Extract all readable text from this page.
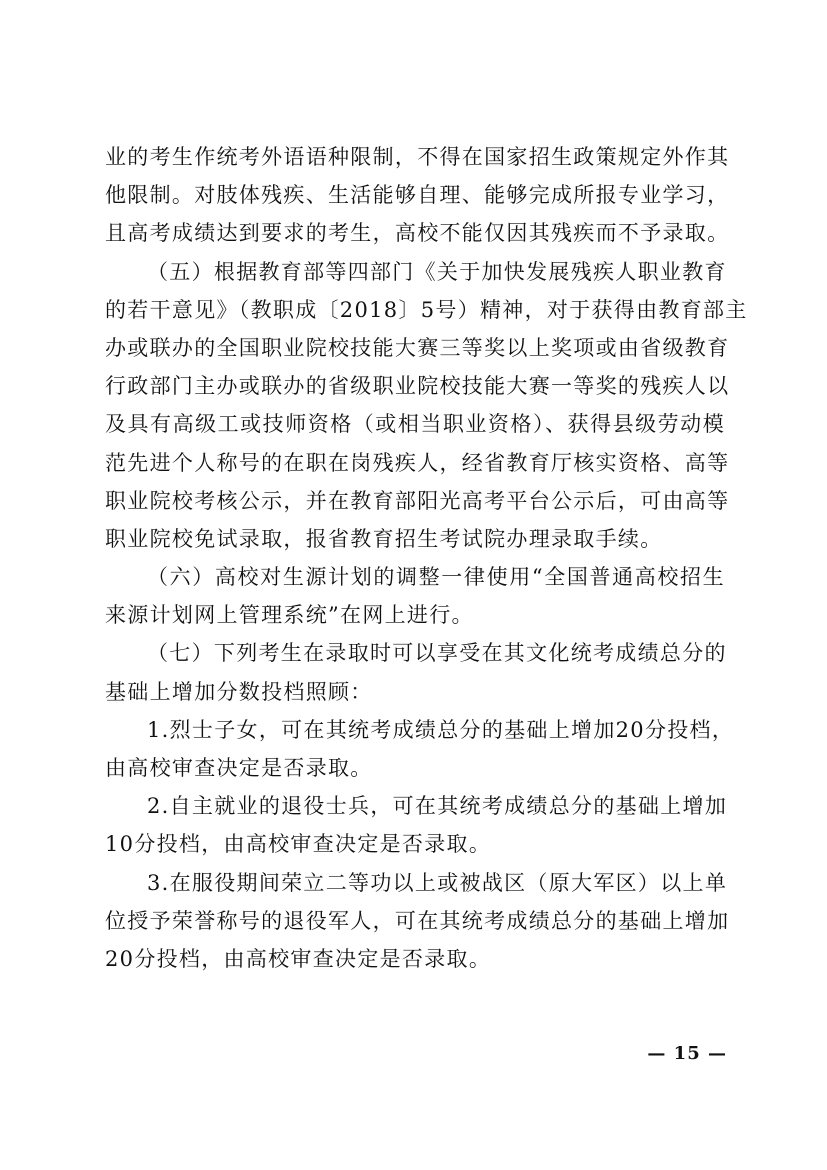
业的考生作统考外语语种限制，不得在国家招生政策规定外作其
他限制。对肢体残疾、生活能够自理、能够完成所报专业学习，
且高考成绩达到要求的考生，高校不能仅因其残疾而不予录取。
（五）根据教育部等四部门《关于加快发展残疾人职业教育
的若干意见》（教职成〔2018〕5号）精神，对于获得由教育部主
办或联办的全国职业院校技能大赛三等奖以上奖项或由省级教育
行政部门主办或联办的省级职业院校技能大赛一等奖的残疾人以
及具有高级工或技师资格（或相当职业资格）、获得县级劳动模
范先进个人称号的在职在岗残疾人，经省教育厅核实资格、高等
职业院校考核公示，并在教育部阳光高考平台公示后，可由高等
职业院校免试录取，报省教育招生考试院办理录取手续。
（六）高校对生源计划的调整一律使用“全国普通高校招生
来源计划网上管理系统”在网上进行。
（七）下列考生在录取时可以享受在其文化统考成绩总分的
基础上增加分数投档照顾：
1.烈士子女，可在其统考成绩总分的基础上增加20分投档，
由高校审查决定是否录取。
2.自主就业的退役士兵，可在其统考成绩总分的基础上增加
10分投档，由高校审查决定是否录取。
3.在服役期间荣立二等功以上或被战区（原大军区）以上单
位授予荣誉称号的退役军人，可在其统考成绩总分的基础上增加
20分投档，由高校审查决定是否录取。
— 15 —
